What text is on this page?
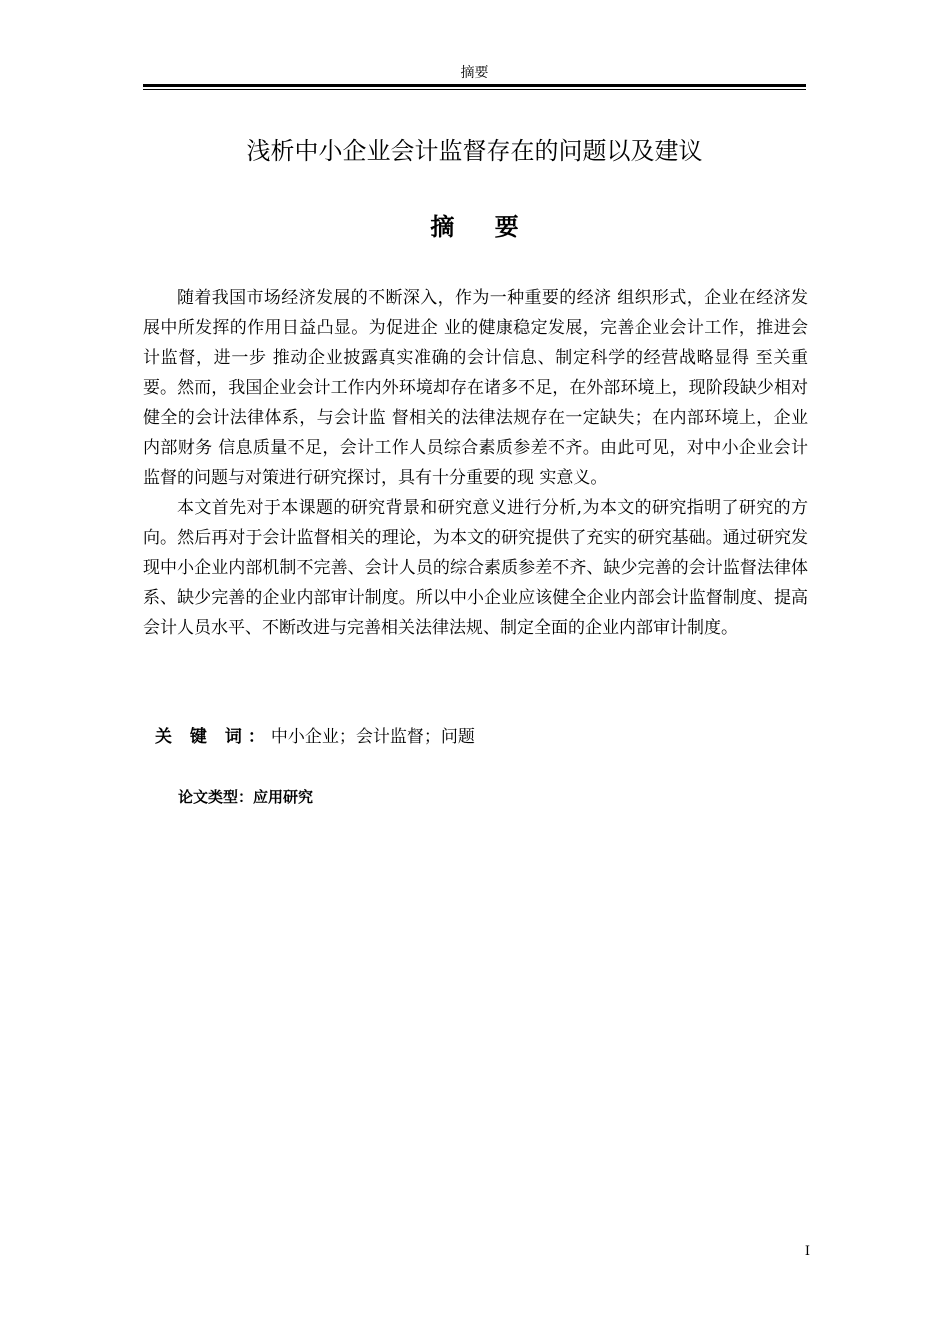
摘要
浅析中小企业会计监督存在的问题以及建议
摘 要

随着我国市场经济发展的不断深入，作为一种重要的经济 组织形式，企业在经济发展中所发挥的作用日益凸显。为促进企 业的健康稳定发展，完善企业会计工作，推进会计监督，进一步 推动企业披露真实准确的会计信息、制定科学的经营战略显得 至关重要。然而，我国企业会计工作内外环境却存在诸多不足，在外部环境上，现阶段缺少相对健全的会计法律体系，与会计监 督相关的法律法规存在一定缺失；在内部环境上，企业内部财务 信息质量不足，会计工作人员综合素质参差不齐。由此可见，对中小企业会计监督的问题与对策进行研究探讨，具有十分重要的现 实意义。

本文首先对于本课题的研究背景和研究意义进行分析,为本文的研究指明了研究的方向。然后再对于会计监督相关的理论，为本文的研究提供了充实的研究基础。通过研究发现中小企业内部机制不完善、会计人员的综合素质参差不齐、缺少完善的会计监督法律体系、缺少完善的企业内部审计制度。所以中小企业应该健全企业内部会计监督制度、提高会计人员水平、不断改进与完善相关法律法规、制定全面的企业内部审计制度。

关 键 词：中小企业；会计监督；问题
论文类型：应用研究
I
